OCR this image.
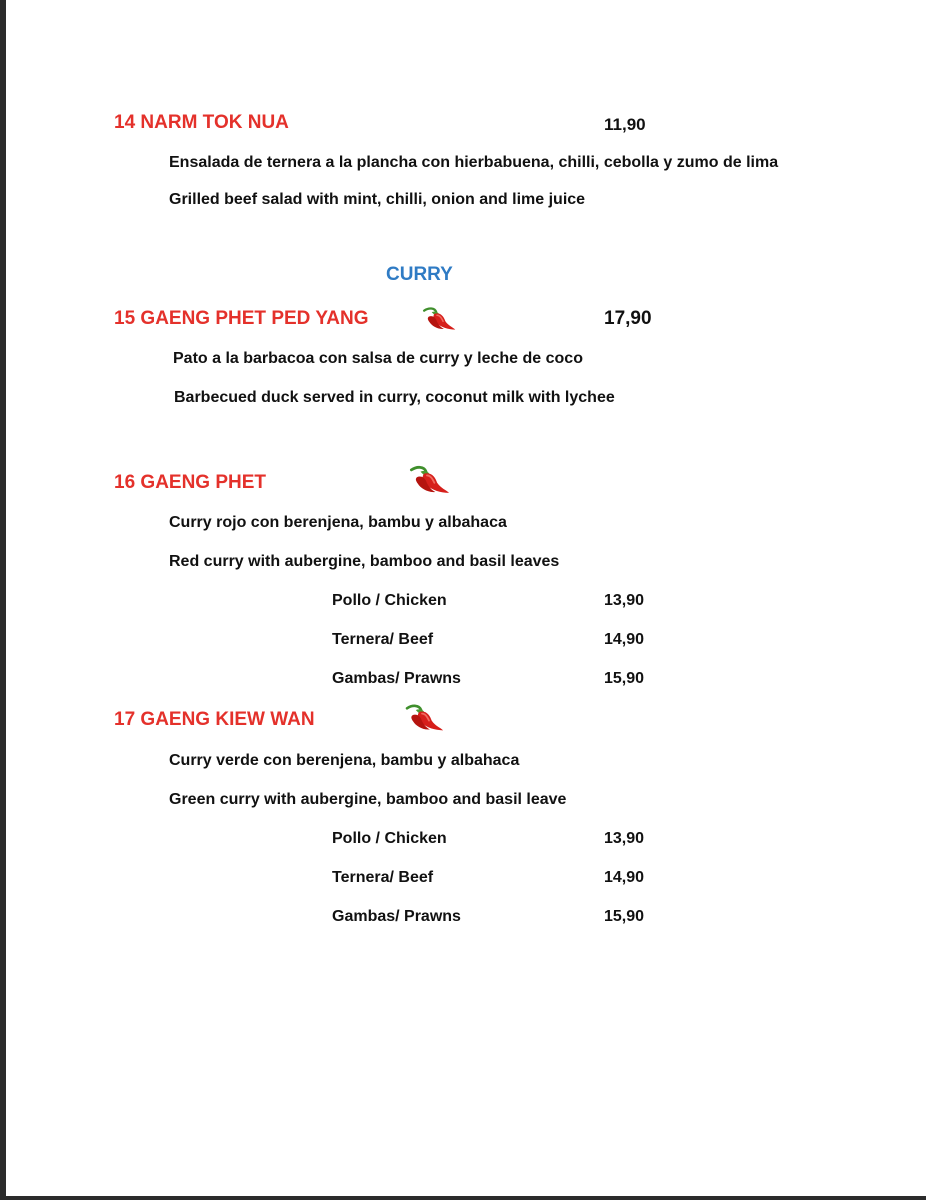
14 NARM TOK NUA	11,90
Ensalada de ternera a la plancha con hierbabuena, chilli, cebolla y zumo de lima
Grilled beef salad with mint, chilli, onion and lime juice
CURRY
15 GAENG PHET PED YANG	17,90
Pato a la barbacoa con salsa de curry y leche de coco
Barbecued duck served in curry, coconut milk with lychee
16 GAENG PHET
Curry rojo con berenjena, bambu y albahaca
Red curry with aubergine, bamboo and basil leaves
Pollo / Chicken	13,90
Ternera/ Beef	14,90
Gambas/ Prawns	15,90
17 GAENG KIEW WAN
Curry verde con berenjena, bambu y albahaca
Green curry with aubergine, bamboo and basil leave
Pollo / Chicken	13,90
Ternera/ Beef	14,90
Gambas/ Prawns	15,90
